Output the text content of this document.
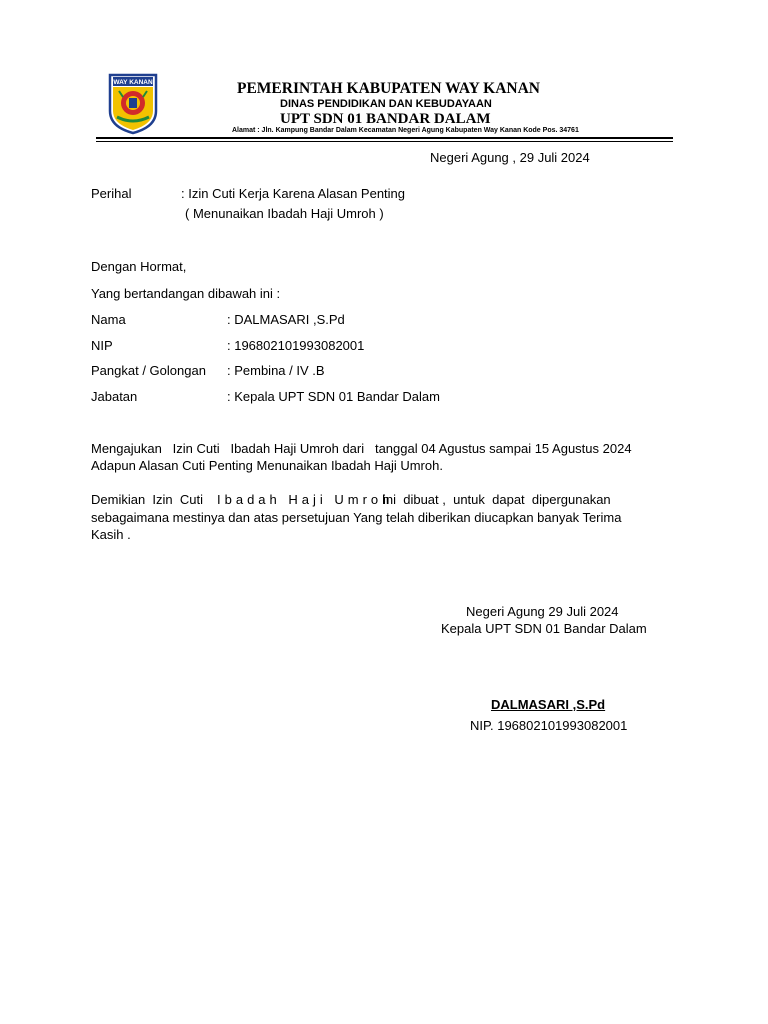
WAY KANAN	PEMERINTAH KABUPATEN WAY KANAN
DINAS PENDIDIKAN DAN KEBUDAYAAN
UPT SDN 01 BANDAR DALAM
Alamat : Jln. Kampung Bandar Dalam Kecamatan Negeri Agung Kabupaten Way Kanan Kode Pos. 34761
Negeri Agung , 29 Juli 2024
Perihal	: Izin Cuti Kerja Karena Alasan Penting
( Menunaikan Ibadah Haji Umroh )
Dengan Hormat,
Yang bertandangan dibawah ini :
Nama	: DALMASARI ,S.Pd
NIP	: 196802101993082001
Pangkat / Golongan : Pembina / IV .B
Jabatan	: Kepala UPT SDN 01 Bandar Dalam
Mengajukan   Izin Cuti   Ibadah Haji Umroh dari   tanggal 04 Agustus sampai 15 Agustus 2024
Adapun Alasan Cuti Penting Menunaikan Ibadah Haji Umroh.
Demikian  Izin  Cuti Ibadah Haji Umroh
ini  dibuat ,  untuk  dapat  dipergunakan
sebagaimana mestinya dan atas persetujuan Yang telah diberikan diucapkan banyak Terima
Kasih .
Negeri Agung 29 Juli 2024
Kepala UPT SDN 01 Bandar Dalam
DALMASARI ,S.Pd
NIP. 196802101993082001
